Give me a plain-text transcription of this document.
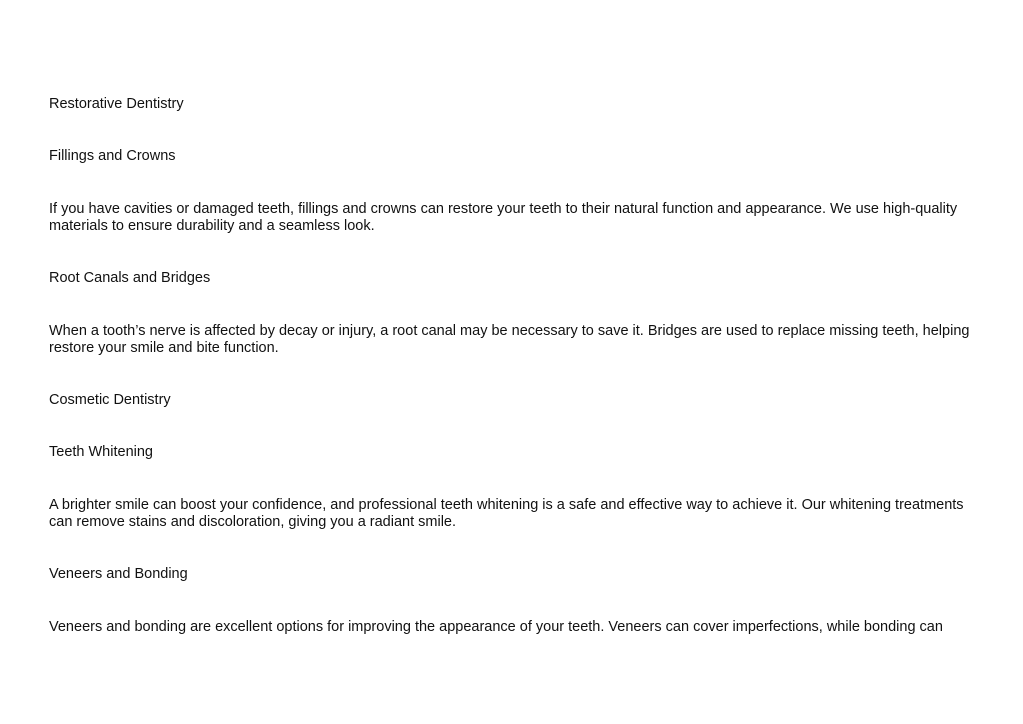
Restorative Dentistry

Fillings and Crowns

If you have cavities or damaged teeth, fillings and crowns can restore your teeth to their natural function and appearance. We use high-quality materials to ensure durability and a seamless look.

Root Canals and Bridges

When a tooth’s nerve is affected by decay or injury, a root canal may be necessary to save it. Bridges are used to replace missing teeth, helping restore your smile and bite function.

Cosmetic Dentistry

Teeth Whitening

A brighter smile can boost your confidence, and professional teeth whitening is a safe and effective way to achieve it. Our whitening treatments can remove stains and discoloration, giving you a radiant smile.

Veneers and Bonding

Veneers and bonding are excellent options for improving the appearance of your teeth. Veneers can cover imperfections, while bonding can
